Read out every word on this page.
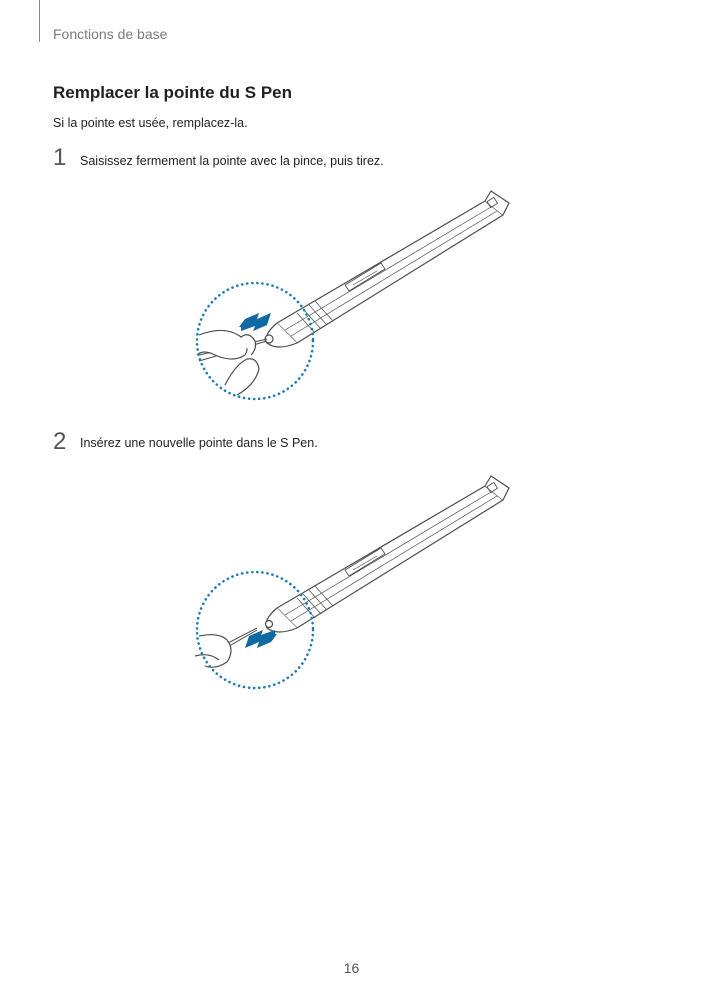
Fonctions de base
Remplacer la pointe du S Pen
Si la pointe est usée, remplacez-la.
1 Saisissez fermement la pointe avec la pince, puis tirez.
2 Insérez une nouvelle pointe dans le S Pen.
16
